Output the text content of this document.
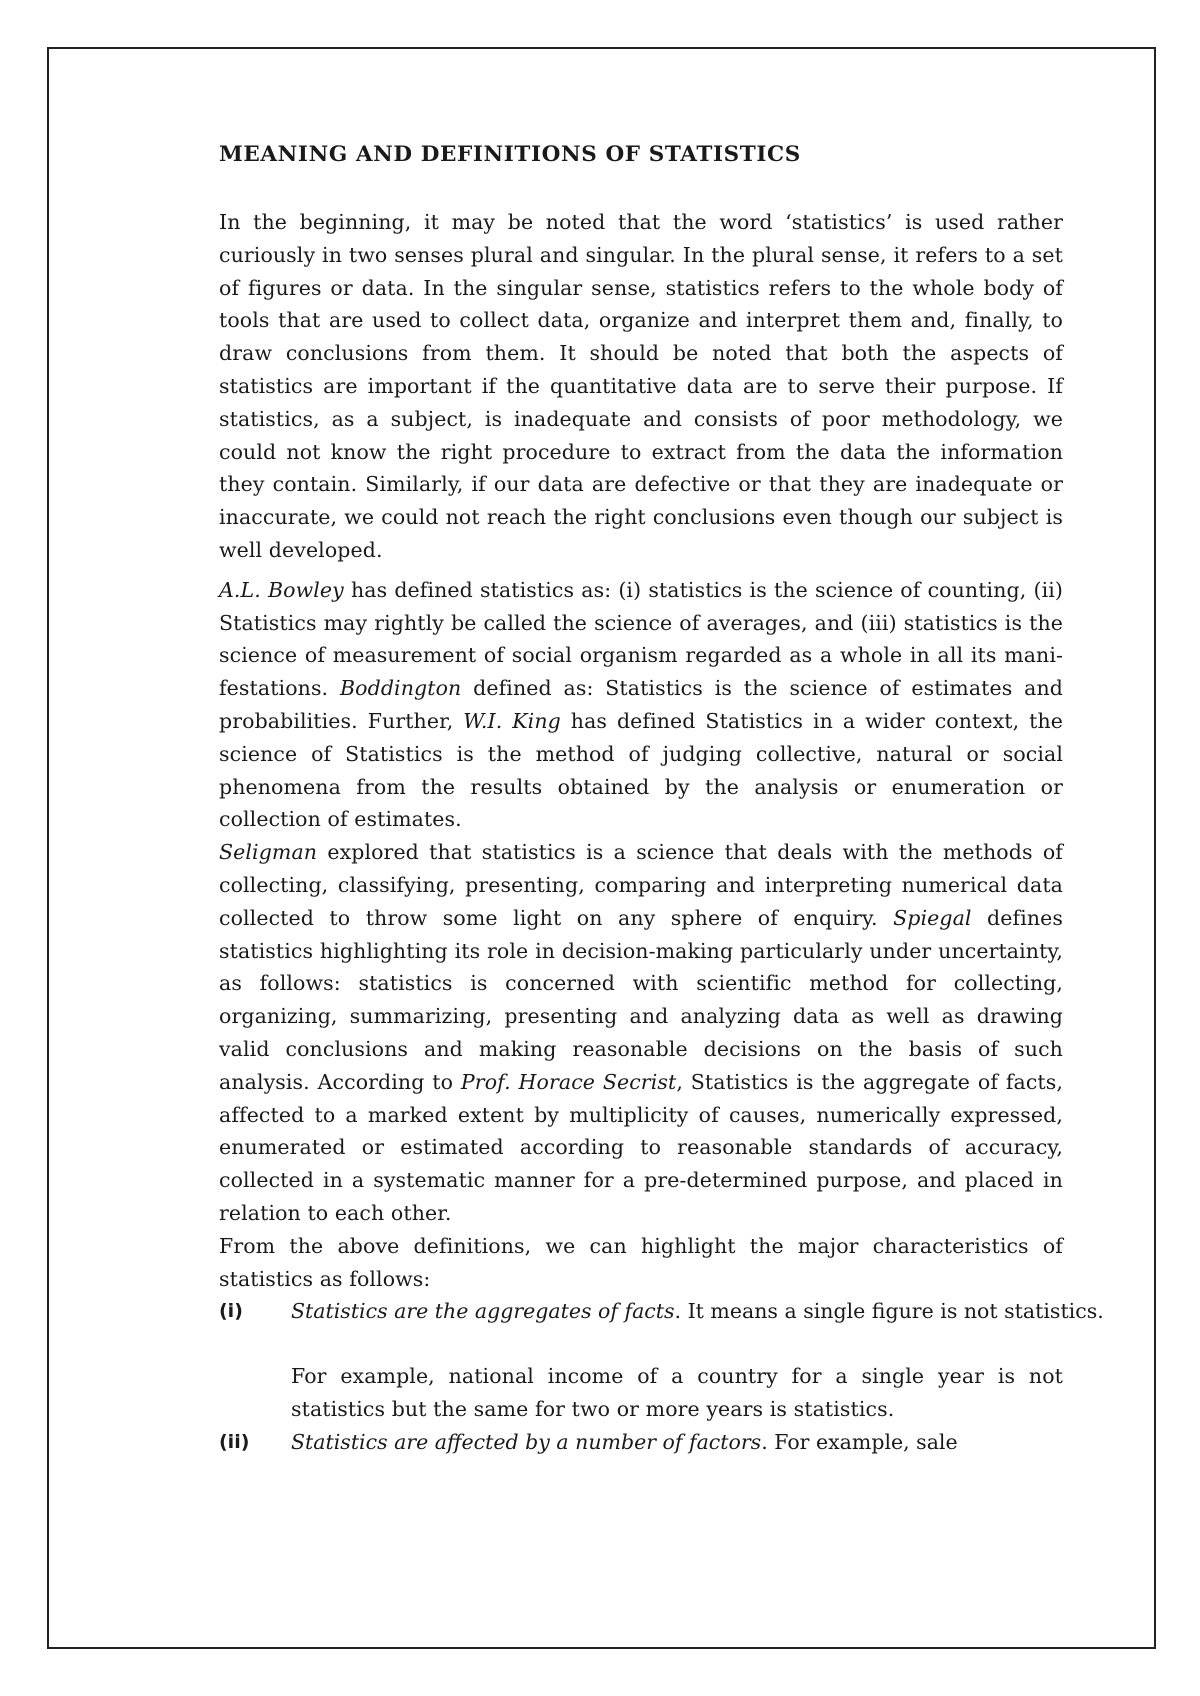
MEANING AND DEFINITIONS OF STATISTICS

In the beginning, it may be noted that the word ‘statistics’ is used rather curiously in two senses plural and singular. In the plural sense, it refers to a set of figures or data. In the singular sense, statistics refers to the whole body of tools that are used to collect data, organize and interpret them and, finally, to draw conclusions from them. It should be noted that both the aspects of statistics are important if the quantitative data are to serve their purpose. If statistics, as a subject, is inadequate and consists of poor methodology, we could not know the right procedure to extract from the data the information they contain. Similarly, if our data are defective or that they are inadequate or inaccurate, we could not reach the right conclusions even though our subject is well developed.

A.L. Bowley has defined statistics as: (i) statistics is the science of counting, (ii) Statistics may rightly be called the science of averages, and (iii) statistics is the science of measurement of social organism regarded as a whole in all its mani- festations. Boddington defined as: Statistics is the science of estimates and probabilities. Further, W.I. King has defined Statistics in a wider context, the science of Statistics is the method of judging collective, natural or social phenomena from the results obtained by the analysis or enumeration or collection of estimates.

Seligman explored that statistics is a science that deals with the methods of collecting, classifying, presenting, comparing and interpreting numerical data collected to throw some light on any sphere of enquiry. Spiegal defines statistics highlighting its role in decision-making particularly under uncertainty, as follows: statistics is concerned with scientific method for collecting, organizing, summarizing, presenting and analyzing data as well as drawing valid conclusions and making reasonable decisions on the basis of such analysis. According to Prof. Horace Secrist, Statistics is the aggregate of facts, affected to a marked extent by multiplicity of causes, numerically expressed, enumerated or estimated according to reasonable standards of accuracy, collected in a systematic manner for a pre-determined purpose, and placed in relation to each other.

From the above definitions, we can highlight the major characteristics of statistics as follows:

(i)	Statistics are the aggregates of facts. It means a single figure is not statistics.
For example, national income of a country for a single year is not statistics but the same for two or more years is statistics.
(ii)	Statistics are affected by a number of factors. For example, sale
